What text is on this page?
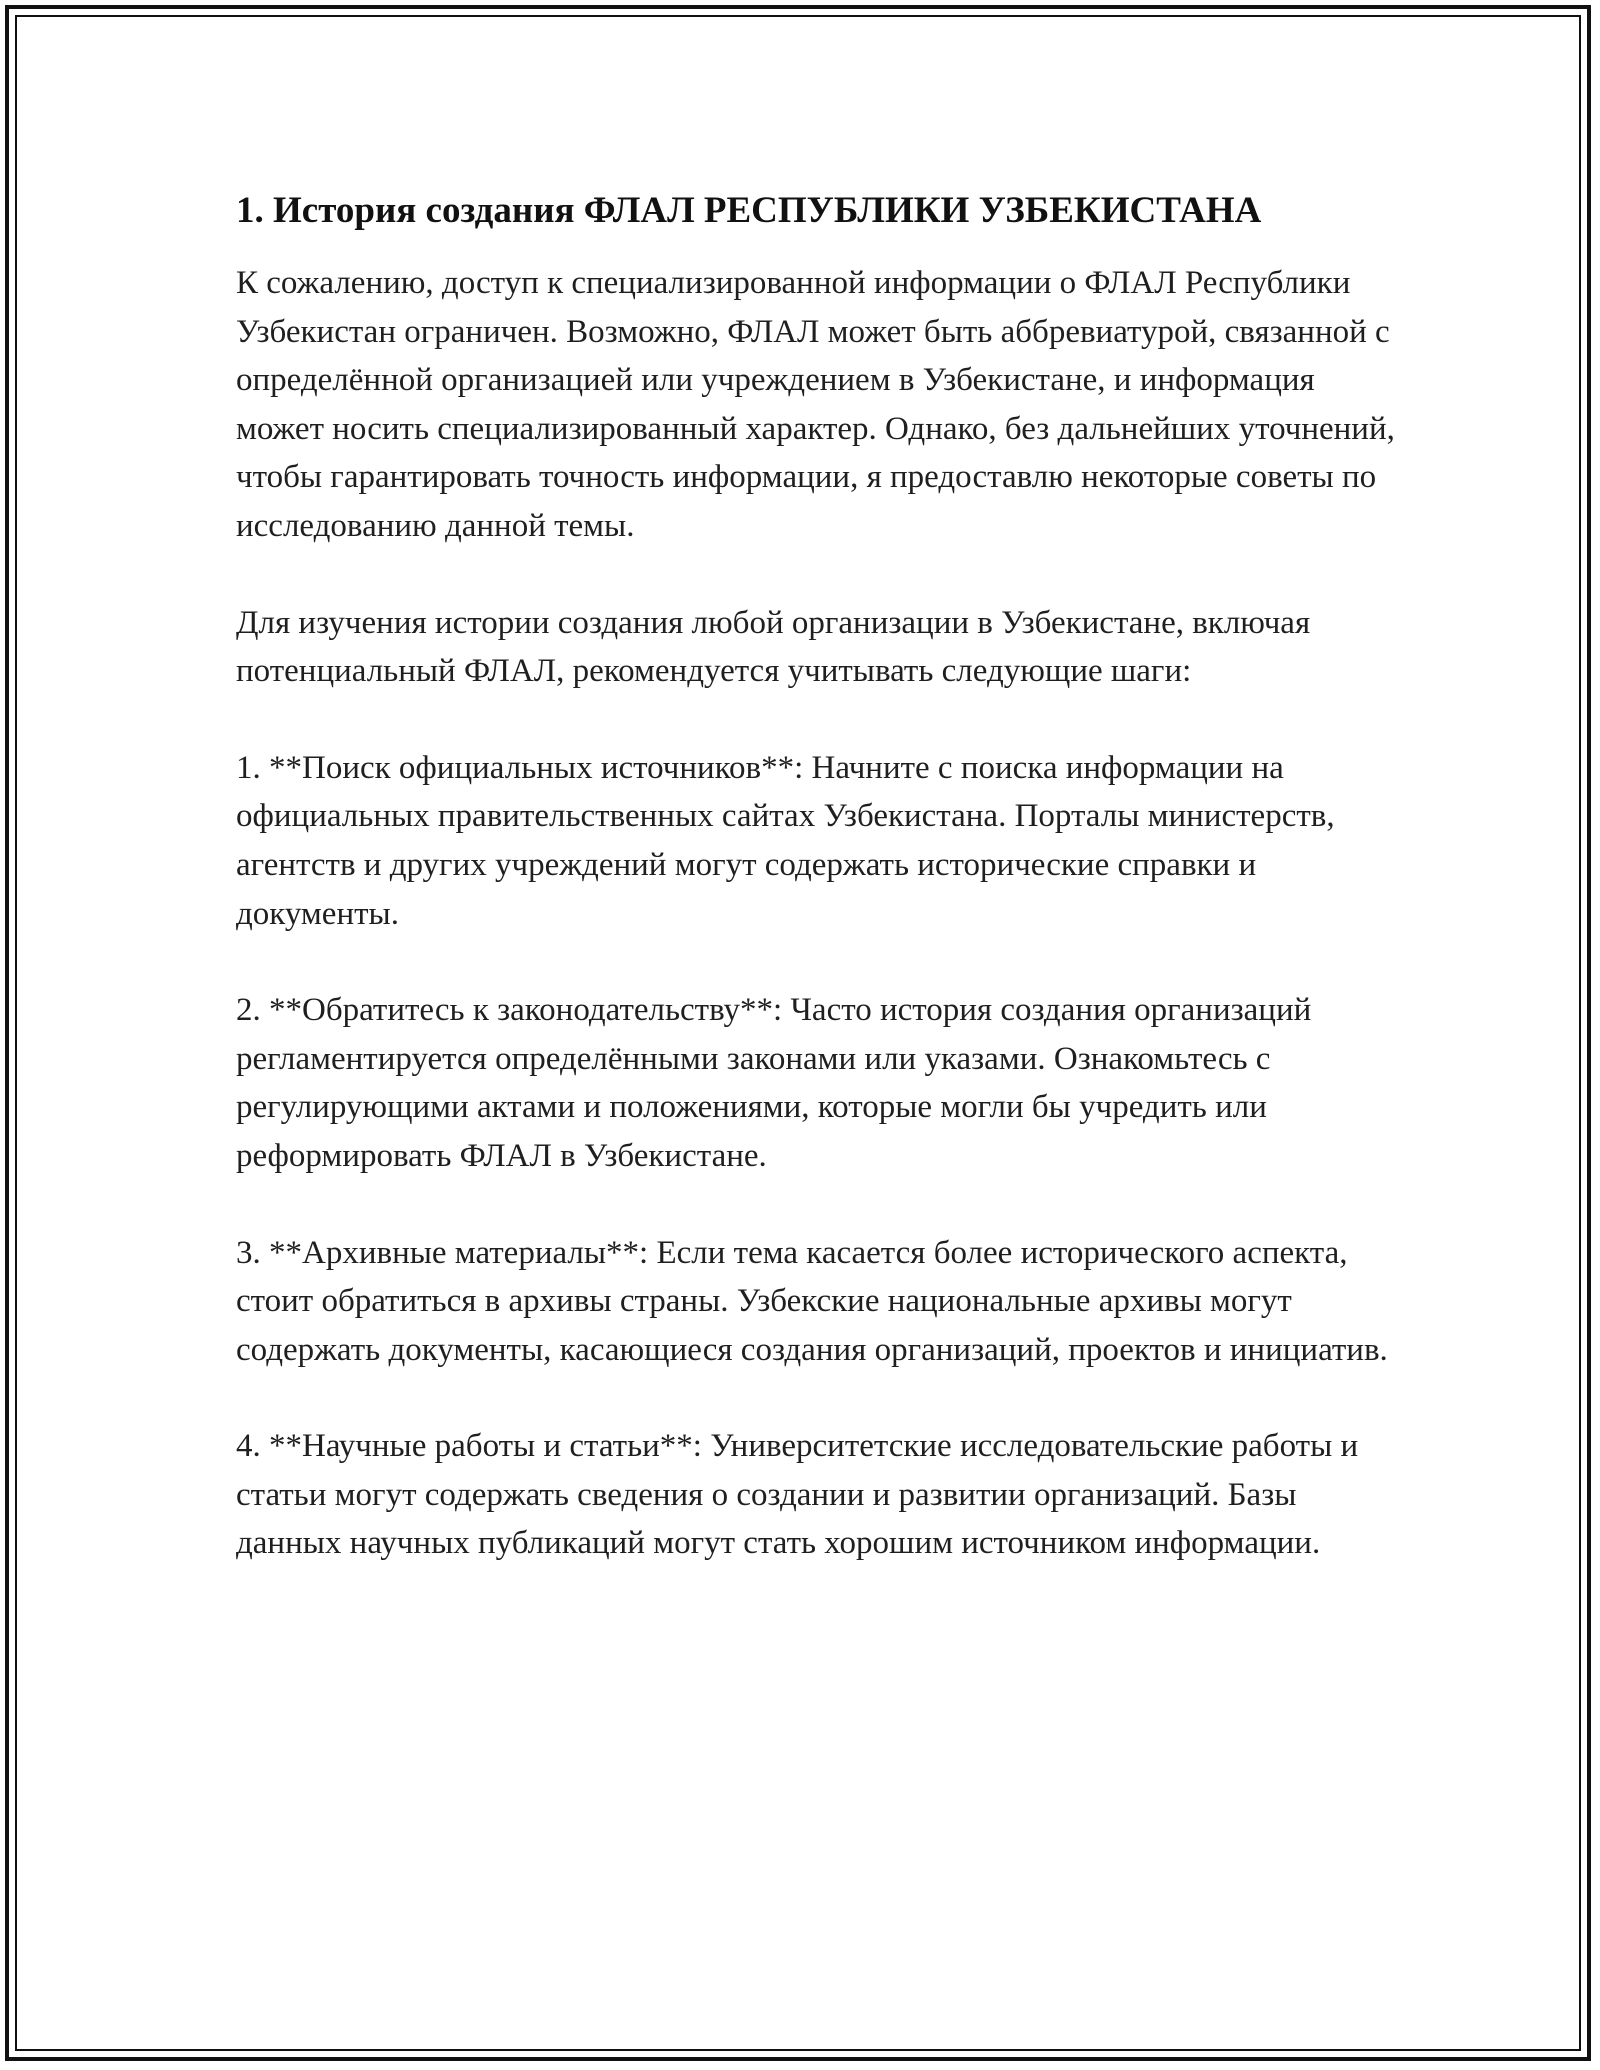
1. История создания ФЛАЛ РЕСПУБЛИКИ УЗБЕКИСТАНА

К сожалению, доступ к специализированной информации о ФЛАЛ Республики Узбекистан ограничен. Возможно, ФЛАЛ может быть аббревиатурой, связанной с определённой организацией или учреждением в Узбекистане, и информация может носить специализированный характер. Однако, без дальнейших уточнений, чтобы гарантировать точность информации, я предоставлю некоторые советы по исследованию данной темы.

Для изучения истории создания любой организации в Узбекистане, включая потенциальный ФЛАЛ, рекомендуется учитывать следующие шаги:

1. **Поиск официальных источников**: Начните с поиска информации на официальных правительственных сайтах Узбекистана. Порталы министерств, агентств и других учреждений могут содержать исторические справки и документы.

2. **Обратитесь к законодательству**: Часто история создания организаций регламентируется определёнными законами или указами. Ознакомьтесь с регулирующими актами и положениями, которые могли бы учредить или реформировать ФЛАЛ в Узбекистане.

3. **Архивные материалы**: Если тема касается более исторического аспекта, стоит обратиться в архивы страны. Узбекские национальные архивы могут содержать документы, касающиеся создания организаций, проектов и инициатив.

4. **Научные работы и статьи**: Университетские исследовательские работы и статьи могут содержать сведения о создании и развитии организаций. Базы данных научных публикаций могут стать хорошим источником информации.
